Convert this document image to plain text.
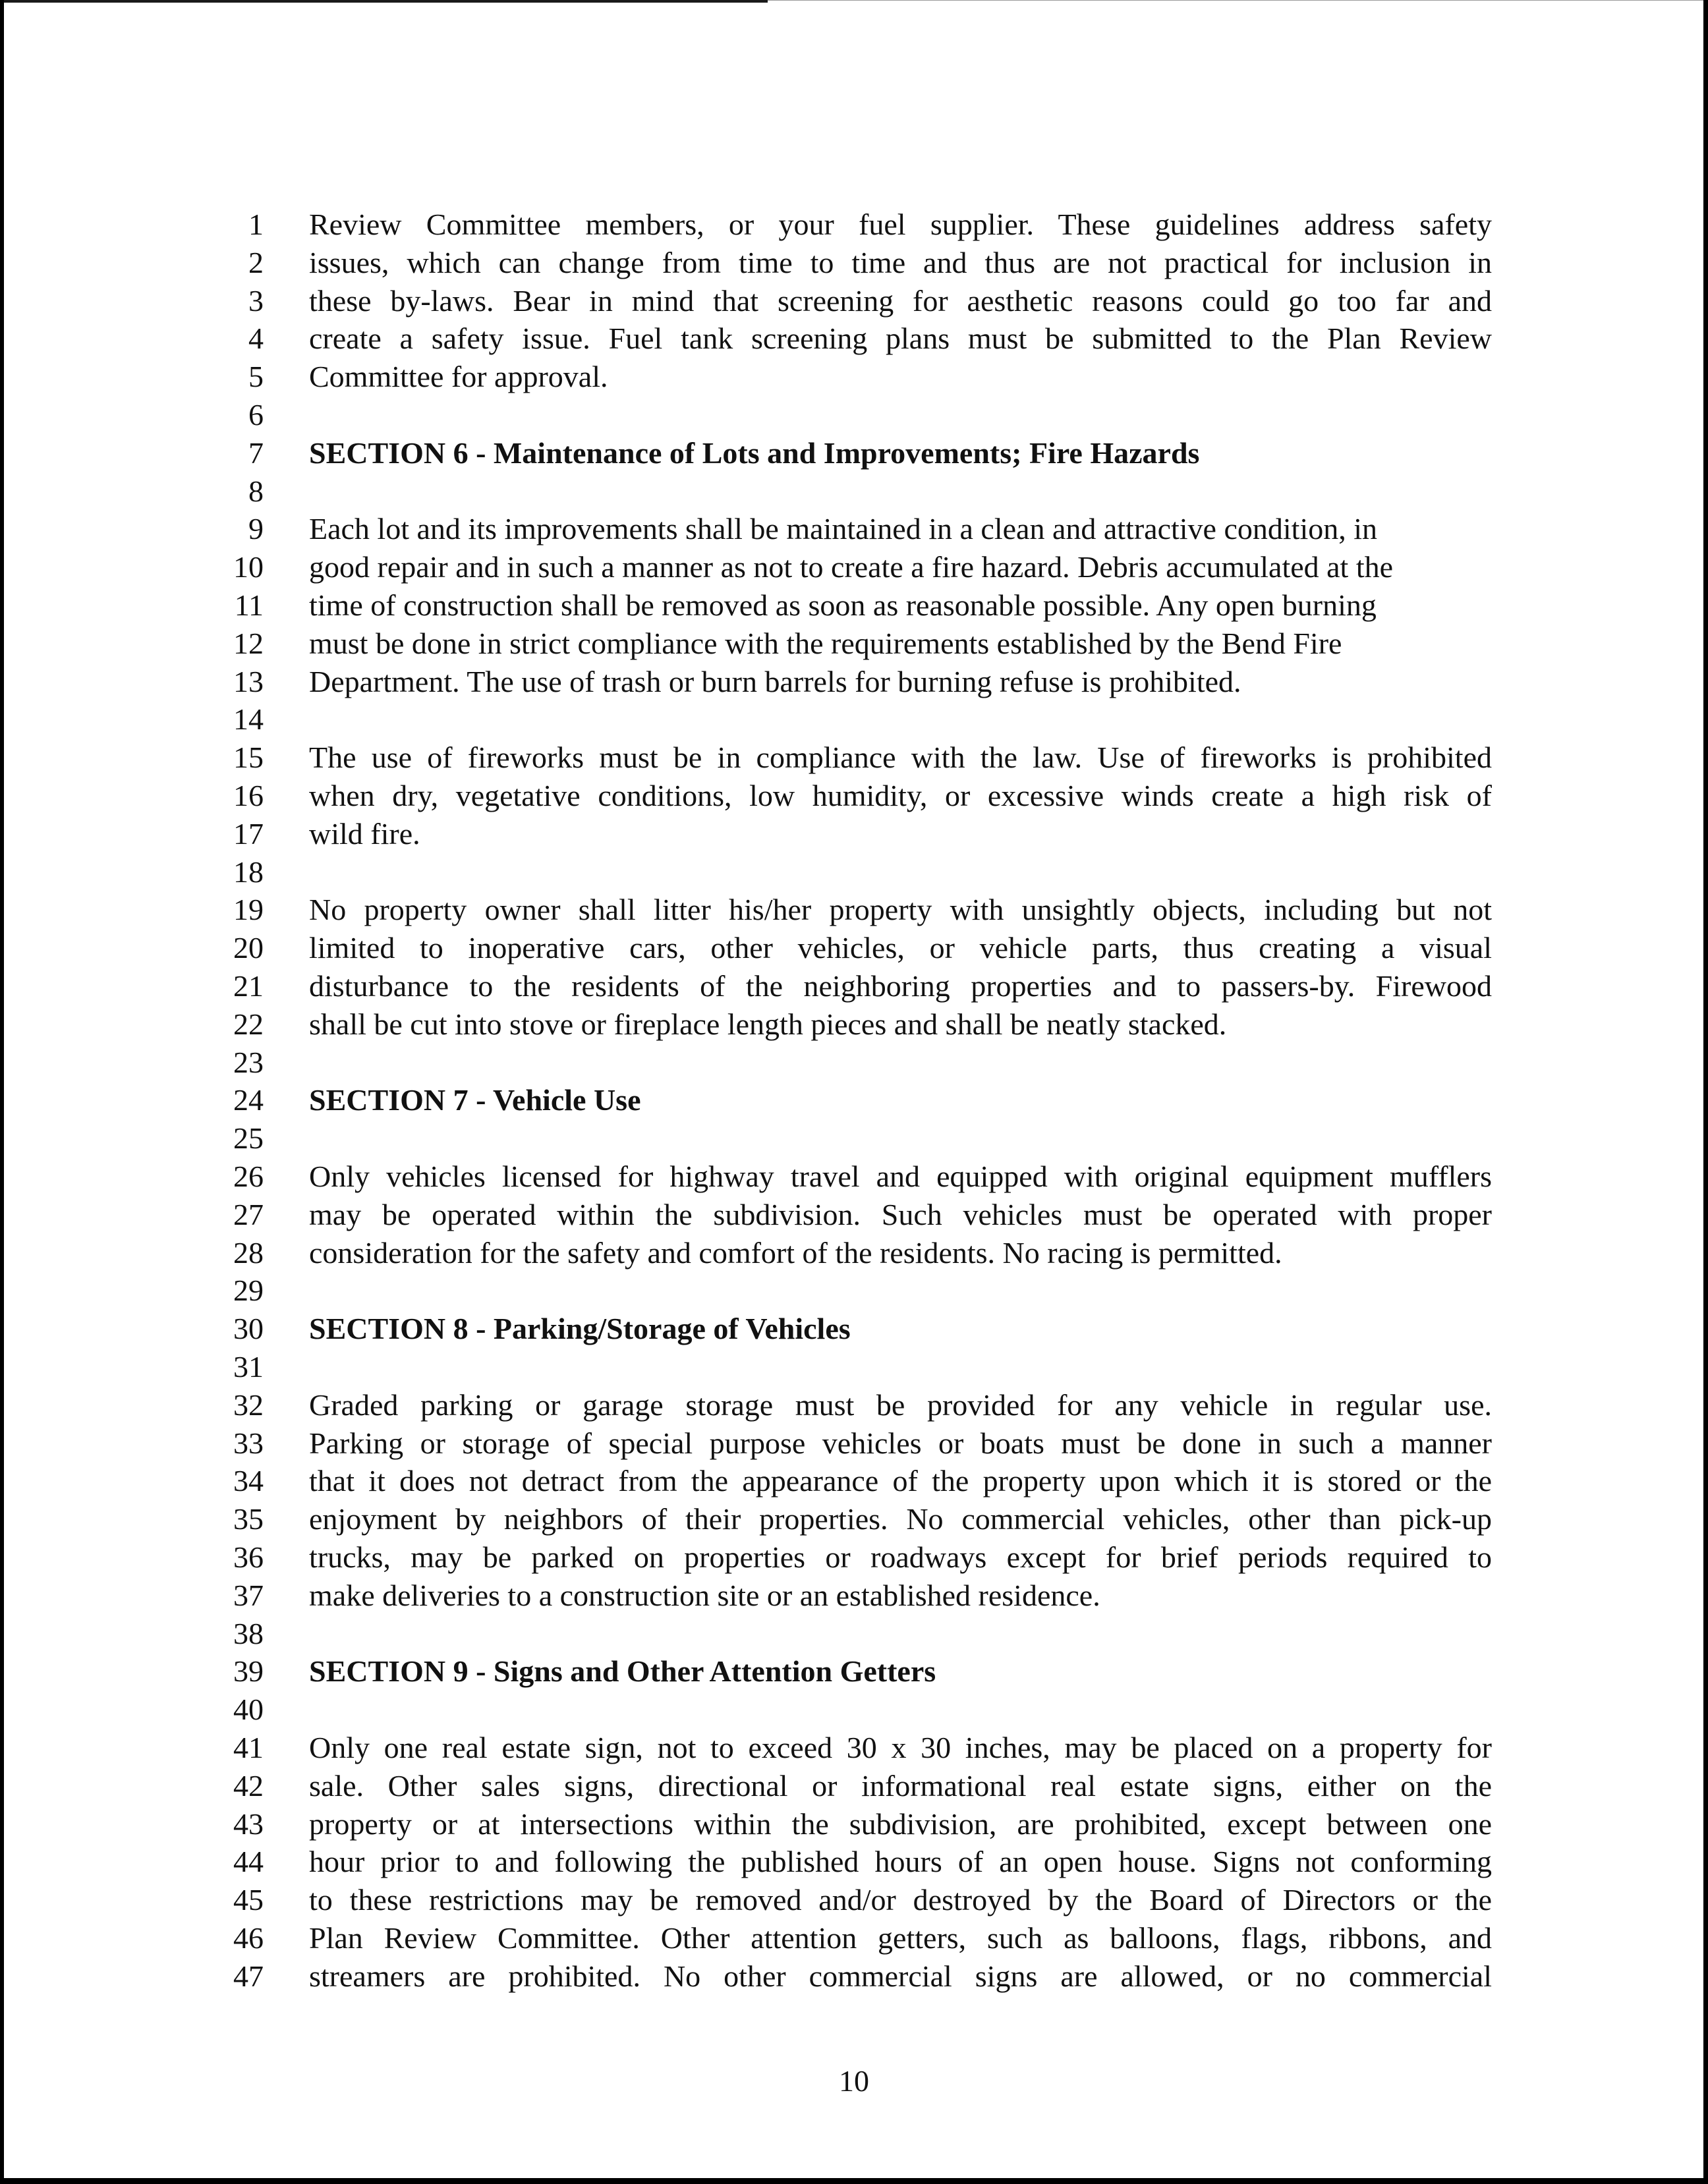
1 Review Committee members, or your fuel supplier. These guidelines address safety
2 issues, which can change from time to time and thus are not practical for inclusion in
3 these by-laws. Bear in mind that screening for aesthetic reasons could go too far and
4 create a safety issue. Fuel tank screening plans must be submitted to the Plan Review
5 Committee for approval.
6
7 SECTION 6 - Maintenance of Lots and Improvements; Fire Hazards
8
9 Each lot and its improvements shall be maintained in a clean and attractive condition, in
10 good repair and in such a manner as not to create a fire hazard. Debris accumulated at the
11 time of construction shall be removed as soon as reasonable possible. Any open burning
12 must be done in strict compliance with the requirements established by the Bend Fire
13 Department. The use of trash or burn barrels for burning refuse is prohibited.
14
15 The use of fireworks must be in compliance with the law. Use of fireworks is prohibited
16 when dry, vegetative conditions, low humidity, or excessive winds create a high risk of
17 wild fire.
18
19 No property owner shall litter his/her property with unsightly objects, including but not
20 limited to inoperative cars, other vehicles, or vehicle parts, thus creating a visual
21 disturbance to the residents of the neighboring properties and to passers-by. Firewood
22 shall be cut into stove or fireplace length pieces and shall be neatly stacked.
23
24 SECTION 7 - Vehicle Use
25
26 Only vehicles licensed for highway travel and equipped with original equipment mufflers
27 may be operated within the subdivision. Such vehicles must be operated with proper
28 consideration for the safety and comfort of the residents. No racing is permitted.
29
30 SECTION 8 - Parking/Storage of Vehicles
31
32 Graded parking or garage storage must be provided for any vehicle in regular use.
33 Parking or storage of special purpose vehicles or boats must be done in such a manner
34 that it does not detract from the appearance of the property upon which it is stored or the
35 enjoyment by neighbors of their properties. No commercial vehicles, other than pick-up
36 trucks, may be parked on properties or roadways except for brief periods required to
37 make deliveries to a construction site or an established residence.
38
39 SECTION 9 - Signs and Other Attention Getters
40
41 Only one real estate sign, not to exceed 30 x 30 inches, may be placed on a property for
42 sale. Other sales signs, directional or informational real estate signs, either on the
43 property or at intersections within the subdivision, are prohibited, except between one
44 hour prior to and following the published hours of an open house. Signs not conforming
45 to these restrictions may be removed and/or destroyed by the Board of Directors or the
46 Plan Review Committee. Other attention getters, such as balloons, flags, ribbons, and
47 streamers are prohibited. No other commercial signs are allowed, or no commercial
10
